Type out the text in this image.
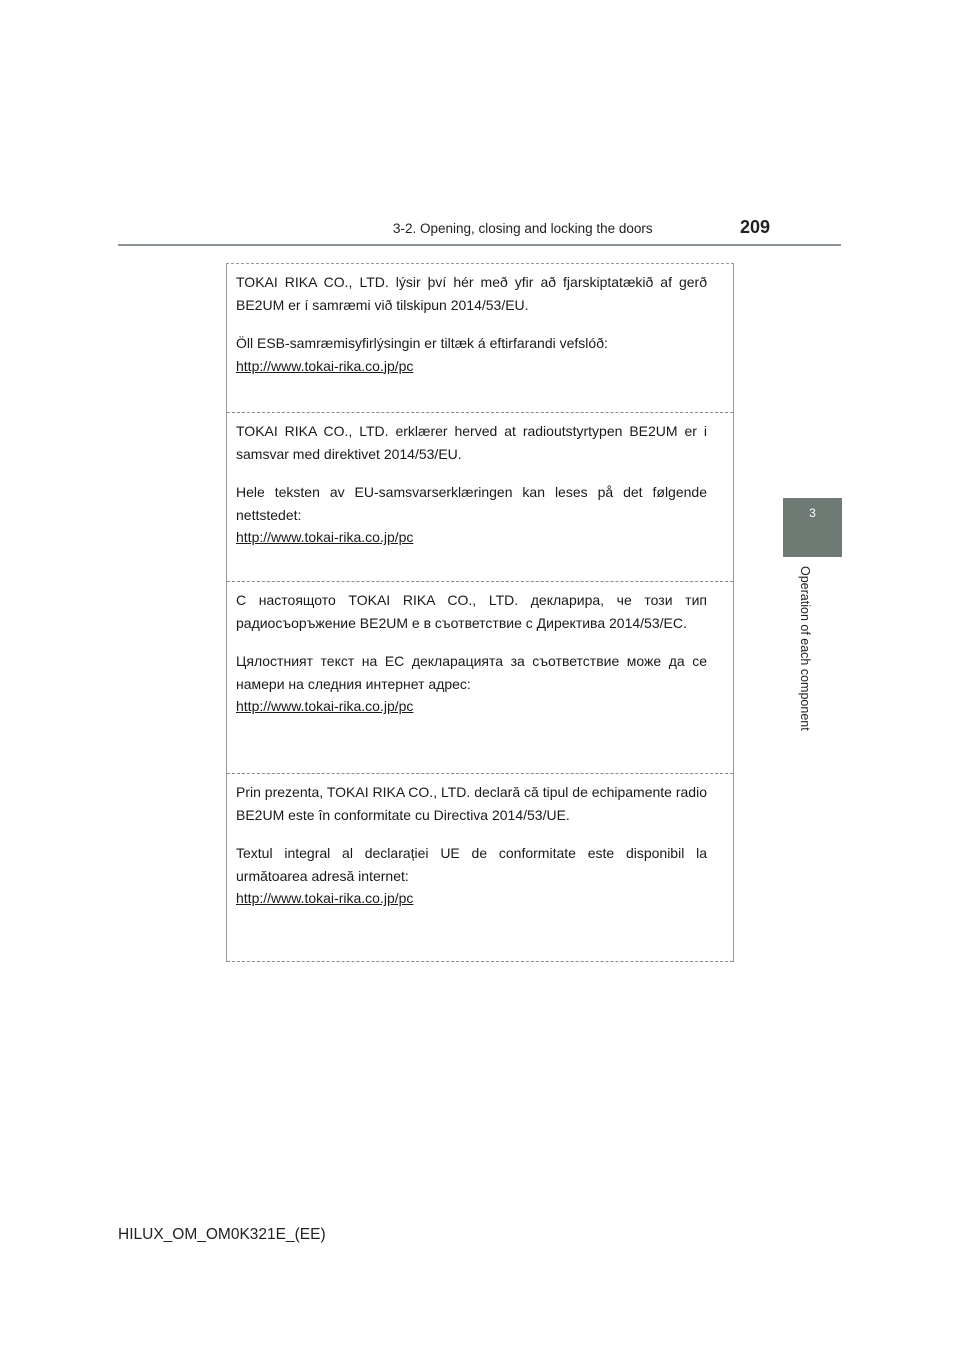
3-2. Opening, closing and locking the doors	209
3
Operation of each component

TOKAI RIKA CO., LTD. lýsir því hér með yfir að fjarskiptatækið af gerð BE2UM er í samræmi við tilskipun 2014/53/EU.

Öll ESB-samræmisyfirlýsingin er tiltæk á eftirfarandi vefslóð:

http://www.tokai-rika.co.jp/pc

TOKAI RIKA CO., LTD. erklærer herved at radioutstyrtypen BE2UM er i samsvar med direktivet 2014/53/EU.

Hele teksten av EU-samsvarserklæringen kan leses på det følgende nettstedet:

http://www.tokai-rika.co.jp/pc

С настоящото TOKAI RIKA CO., LTD. декларира, че този тип радиосъоръжение BE2UM е в съответствие с Директива 2014/53/ЕС.

Цялостният текст на ЕС декларацията за съответствие може да се намери на следния интернет адрес:

http://www.tokai-rika.co.jp/pc

Prin prezenta, TOKAI RIKA CO., LTD. declară că tipul de echipamente radio BE2UM este în conformitate cu Directiva 2014/53/UE.

Textul integral al declarației UE de conformitate este disponibil la următoarea adresă internet:

http://www.tokai-rika.co.jp/pc

HILUX_OM_OM0K321E_(EE)
